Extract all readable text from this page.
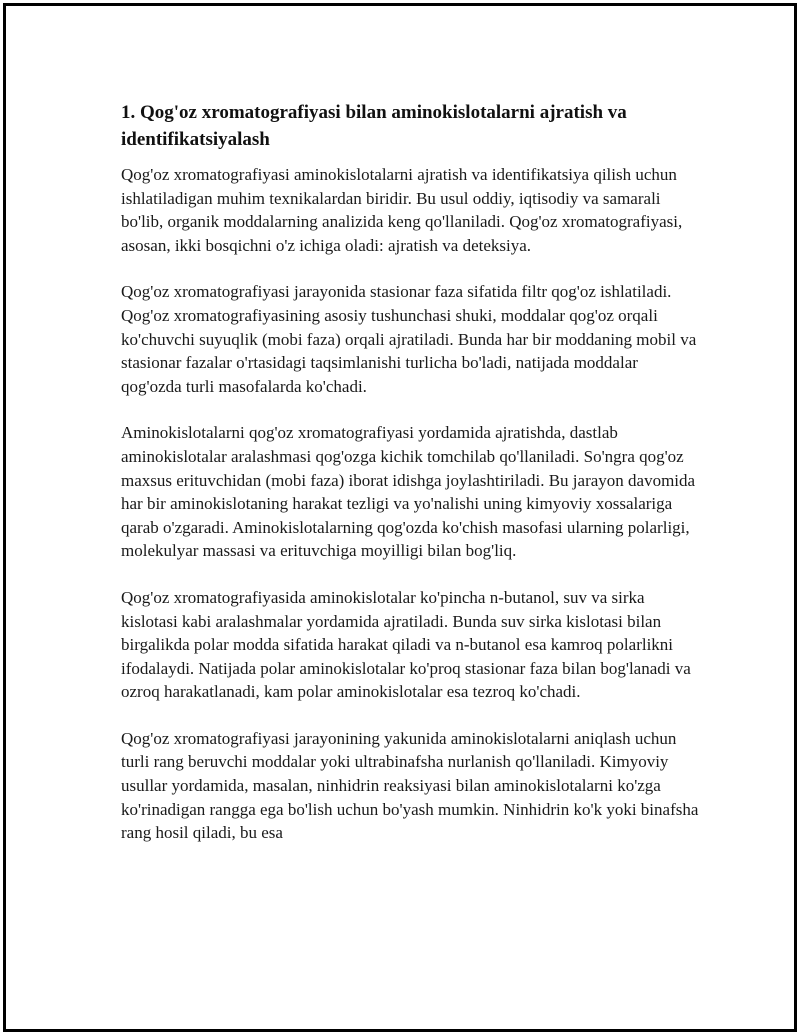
1. Qog'oz xromatografiyasi bilan aminokislotalarni ajratish va identifikatsiyalash

Qog'oz xromatografiyasi aminokislotalarni ajratish va identifikatsiya qilish uchun ishlatiladigan muhim texnikalardan biridir. Bu usul oddiy, iqtisodiy va samarali bo'lib, organik moddalarning analizida keng qo'llaniladi. Qog'oz xromatografiyasi, asosan, ikki bosqichni o'z ichiga oladi: ajratish va deteksiya.

Qog'oz xromatografiyasi jarayonida stasionar faza sifatida filtr qog'oz ishlatiladi. Qog'oz xromatografiyasining asosiy tushunchasi shuki, moddalar qog'oz orqali ko'chuvchi suyuqlik (mobi faza) orqali ajratiladi. Bunda har bir moddaning mobil va stasionar fazalar o'rtasidagi taqsimlanishi turlicha bo'ladi, natijada moddalar qog'ozda turli masofalarda ko'chadi.

Aminokislotalarni qog'oz xromatografiyasi yordamida ajratishda, dastlab aminokislotalar aralashmasi qog'ozga kichik tomchilab qo'llaniladi. So'ngra qog'oz maxsus erituvchidan (mobi faza) iborat idishga joylashtiriladi. Bu jarayon davomida har bir aminokislotaning harakat tezligi va yo'nalishi uning kimyoviy xossalariga qarab o'zgaradi. Aminokislotalarning qog'ozda ko'chish masofasi ularning polarligi, molekulyar massasi va erituvchiga moyilligi bilan bog'liq.

Qog'oz xromatografiyasida aminokislotalar ko'pincha n-butanol, suv va sirka kislotasi kabi aralashmalar yordamida ajratiladi. Bunda suv sirka kislotasi bilan birgalikda polar modda sifatida harakat qiladi va n-butanol esa kamroq polarlikni ifodalaydi. Natijada polar aminokislotalar ko'proq stasionar faza bilan bog'lanadi va ozroq harakatlanadi, kam polar aminokislotalar esa tezroq ko'chadi.

Qog'oz xromatografiyasi jarayonining yakunida aminokislotalarni aniqlash uchun turli rang beruvchi moddalar yoki ultrabinafsha nurlanish qo'llaniladi. Kimyoviy usullar yordamida, masalan, ninhidrin reaksiyasi bilan aminokislotalarni ko'zga ko'rinadigan rangga ega bo'lish uchun bo'yash mumkin. Ninhidrin ko'k yoki binafsha rang hosil qiladi, bu esa
